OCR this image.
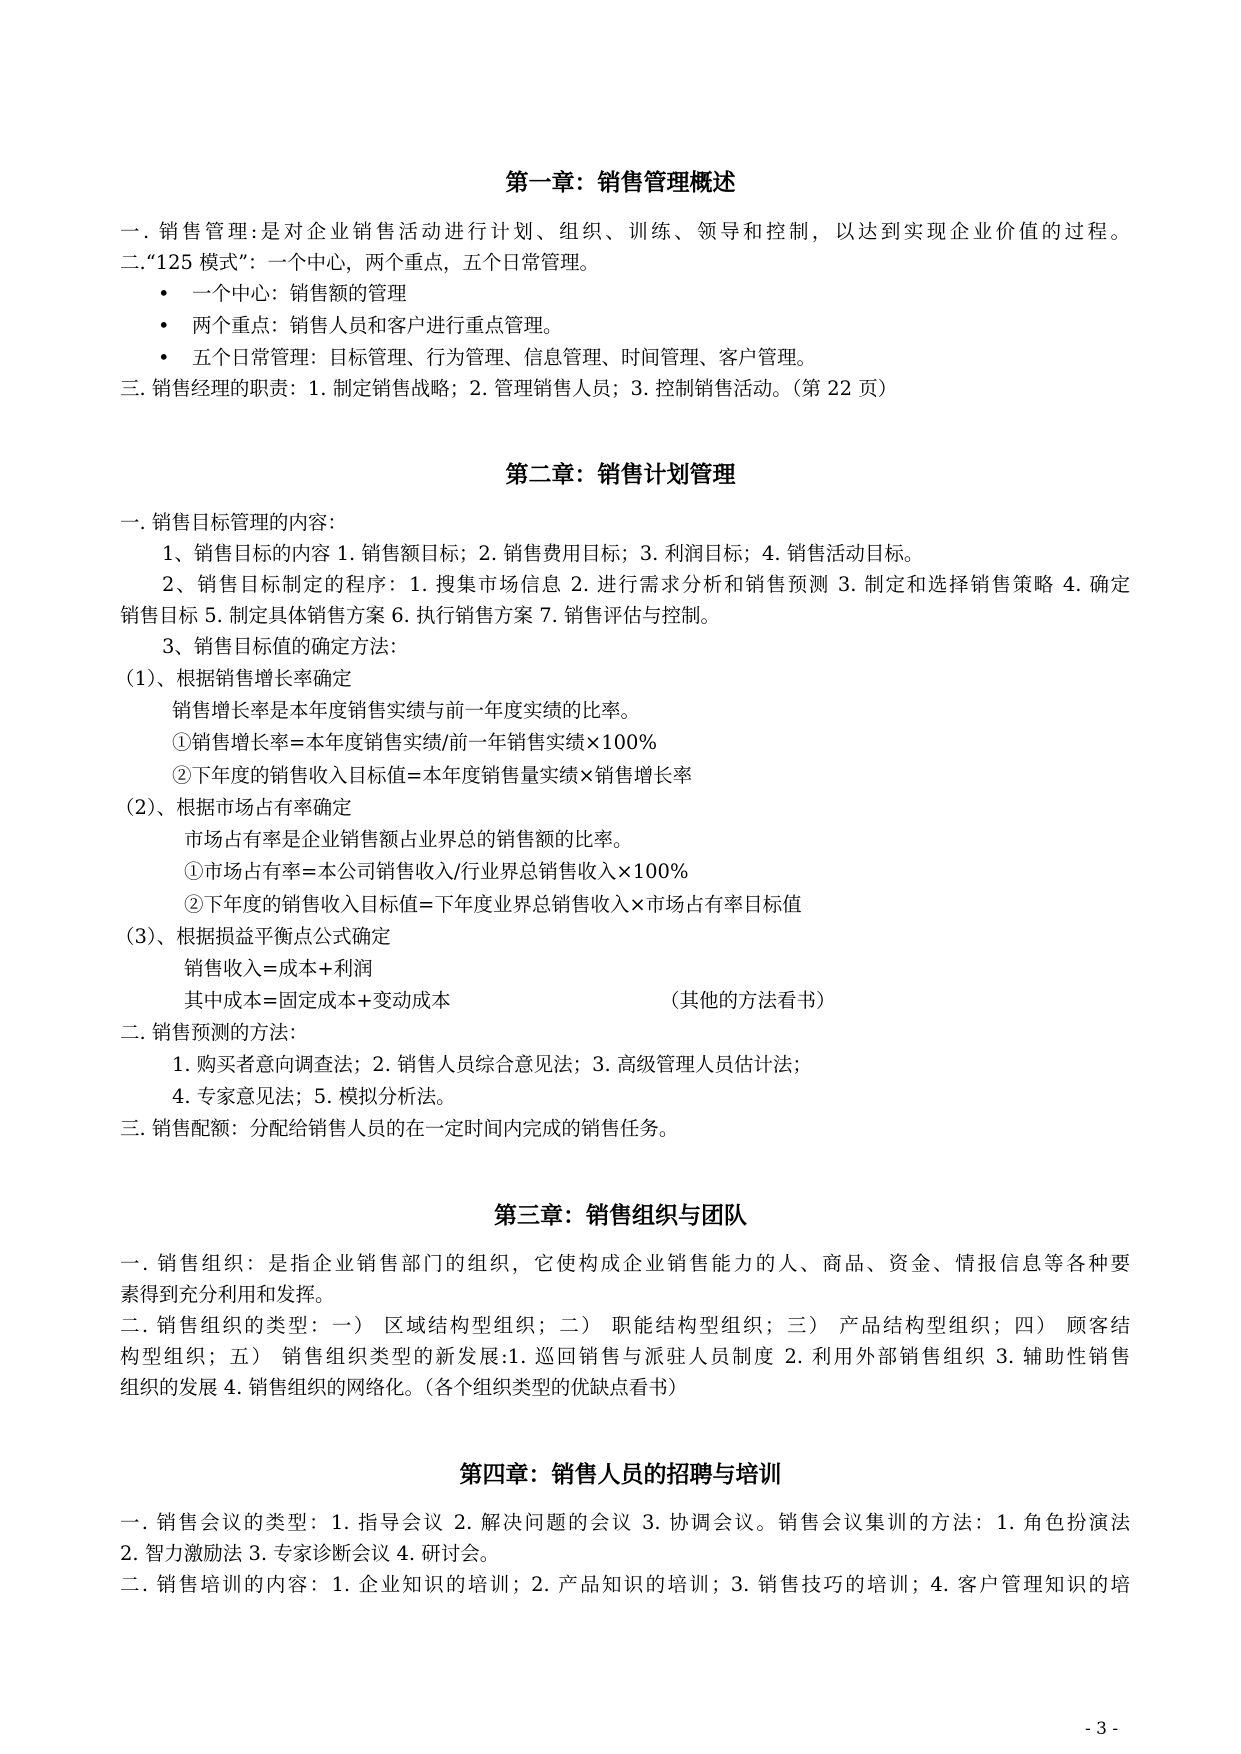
第一章：销售管理概述
一. 销售管理:是对企业销售活动进行计划、组织、训练、领导和控制，以达到实现企业价值的过程。
二.“125 模式”：一个中心，两个重点，五个日常管理。
• 一个中心：销售额的管理
• 两个重点：销售人员和客户进行重点管理。
• 五个日常管理：目标管理、行为管理、信息管理、时间管理、客户管理。
三. 销售经理的职责：1. 制定销售战略；2. 管理销售人员；3. 控制销售活动。（第 22 页）
第二章：销售计划管理
一. 销售目标管理的内容：
1、销售目标的内容 1. 销售额目标；2. 销售费用目标；3. 利润目标；4. 销售活动目标。
2、销售目标制定的程序：1. 搜集市场信息 2. 进行需求分析和销售预测 3. 制定和选择销售策略 4. 确定
销售目标 5. 制定具体销售方案 6. 执行销售方案 7. 销售评估与控制。
3、销售目标值的确定方法：
（1）、根据销售增长率确定
销售增长率是本年度销售实绩与前一年度实绩的比率。
①销售增长率=本年度销售实绩/前一年销售实绩×100%
②下年度的销售收入目标值=本年度销售量实绩×销售增长率
（2）、根据市场占有率确定
市场占有率是企业销售额占业界总的销售额的比率。
①市场占有率=本公司销售收入/行业界总销售收入×100%
②下年度的销售收入目标值=下年度业界总销售收入×市场占有率目标值
（3）、根据损益平衡点公式确定
销售收入=成本+利润
其中成本=固定成本+变动成本	（其他的方法看书）
二. 销售预测的方法：
1. 购买者意向调查法；2. 销售人员综合意见法；3. 高级管理人员估计法；
4. 专家意见法；5. 模拟分析法。
三. 销售配额：分配给销售人员的在一定时间内完成的销售任务。
第三章：销售组织与团队
一. 销售组织：是指企业销售部门的组织，它使构成企业销售能力的人、商品、资金、情报信息等各种要
素得到充分利用和发挥。
二. 销售组织的类型：一） 区域结构型组织；二） 职能结构型组织；三） 产品结构型组织；四） 顾客结
构型组织；五） 销售组织类型的新发展:1. 巡回销售与派驻人员制度 2. 利用外部销售组织 3. 辅助性销售
组织的发展 4. 销售组织的网络化。（各个组织类型的优缺点看书）
第四章：销售人员的招聘与培训
一. 销售会议的类型：1. 指导会议 2. 解决问题的会议 3. 协调会议。销售会议集训的方法：1. 角色扮演法
2. 智力激励法 3. 专家诊断会议 4. 研讨会。
二. 销售培训的内容：1. 企业知识的培训；2. 产品知识的培训；3. 销售技巧的培训；4. 客户管理知识的培
- 3 -
